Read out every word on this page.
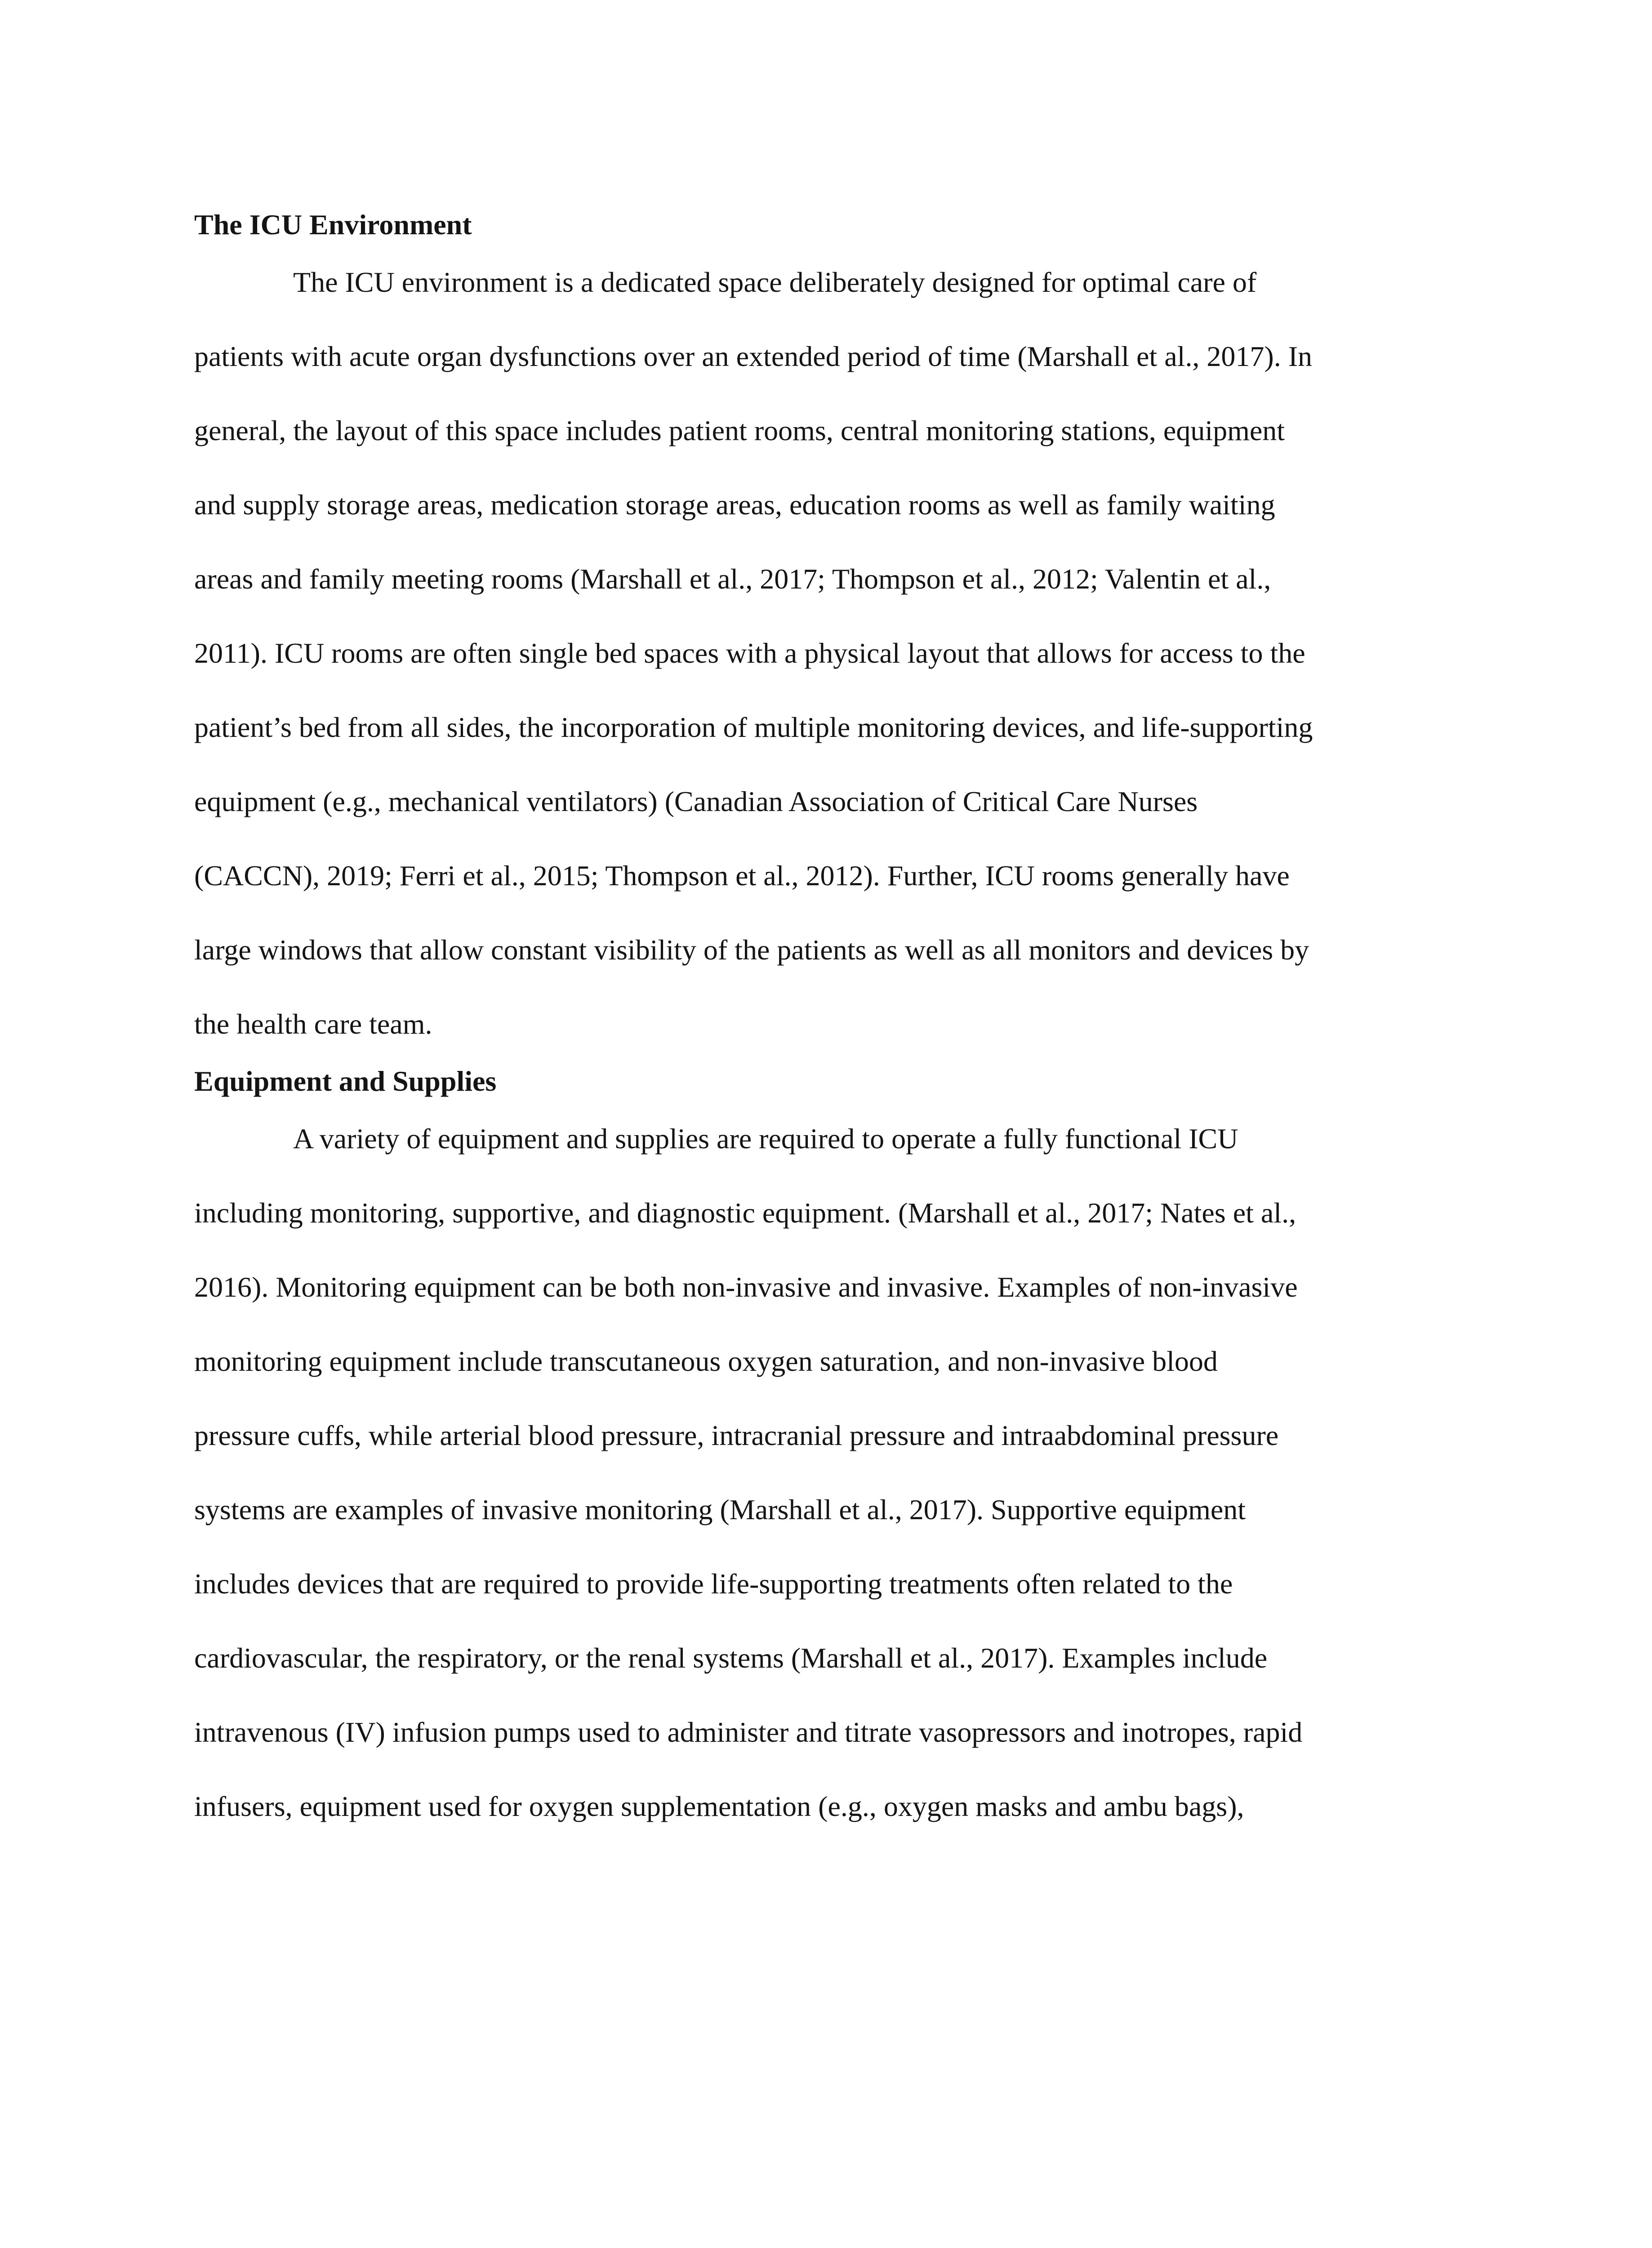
The ICU Environment
The ICU environment is a dedicated space deliberately designed for optimal care of
patients with acute organ dysfunctions over an extended period of time (Marshall et al., 2017). In
general, the layout of this space includes patient rooms, central monitoring stations, equipment
and supply storage areas, medication storage areas, education rooms as well as family waiting
areas and family meeting rooms (Marshall et al., 2017; Thompson et al., 2012; Valentin et al.,
2011). ICU rooms are often single bed spaces with a physical layout that allows for access to the
patient’s bed from all sides, the incorporation of multiple monitoring devices, and life-supporting
equipment (e.g., mechanical ventilators) (Canadian Association of Critical Care Nurses
(CACCN), 2019; Ferri et al., 2015; Thompson et al., 2012). Further, ICU rooms generally have
large windows that allow constant visibility of the patients as well as all monitors and devices by
the health care team.
Equipment and Supplies
A variety of equipment and supplies are required to operate a fully functional ICU
including monitoring, supportive, and diagnostic equipment. (Marshall et al., 2017; Nates et al.,
2016). Monitoring equipment can be both non-invasive and invasive. Examples of non-invasive
monitoring equipment include transcutaneous oxygen saturation, and non-invasive blood
pressure cuffs, while arterial blood pressure, intracranial pressure and intraabdominal pressure
systems are examples of invasive monitoring (Marshall et al., 2017). Supportive equipment
includes devices that are required to provide life-supporting treatments often related to the
cardiovascular, the respiratory, or the renal systems (Marshall et al., 2017). Examples include
intravenous (IV) infusion pumps used to administer and titrate vasopressors and inotropes, rapid
infusers, equipment used for oxygen supplementation (e.g., oxygen masks and ambu bags),
